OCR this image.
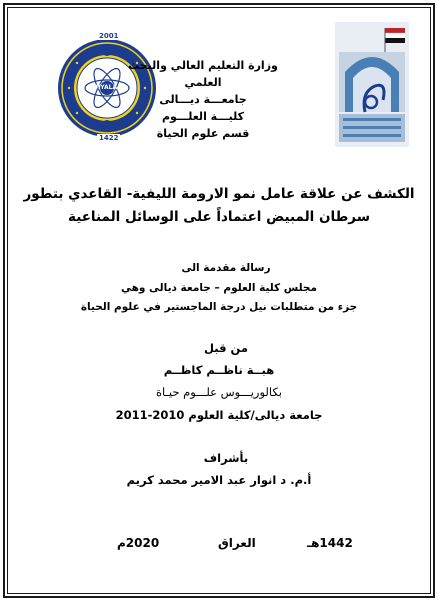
2001
1422
DIYALA
وزارة التعليم العالي والبحث العلمي
جامعـــة ديـــالى
كليـــة العلـــوم
قسم علوم الحياة
الكشف عن علاقة عامل نمو الارومة الليفية- القاعدي بتطور
سرطان المبيض اعتماداً على الوسائل المناعية
رسالة مقدمة الى
مجلس كلية العلوم – جامعة ديالى وهي
جزء من متطلبات نيل درجة الماجستير في علوم الحياة
من قبل
هبــة ناظــم كاظــم
بكالوريـــوس علـــوم حيـاة
جامعة ديالى/كلية العلوم 2010-2011
بأشراف
أ.م. د انوار عبد الامير محمد كريم
1442هـ
العراق
2020م
